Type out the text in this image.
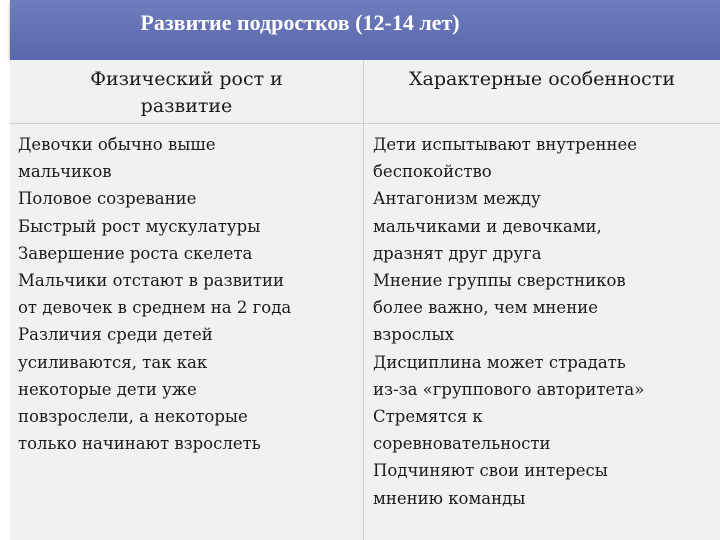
Развитие подростков (12-14 лет)
Физический рост и
развитие
Характерные особенности
Девочки обычно выше
мальчиков
Половое созревание
Быстрый рост мускулатуры
Завершение роста скелета
Мальчики отстают в развитии
от девочек в среднем на 2 года
Различия среди детей
усиливаются, так как
некоторые дети уже
повзрослели, а некоторые
только начинают взрослеть
Дети испытывают внутреннее
беспокойство
Антагонизм между
мальчиками и девочками,
дразнят друг друга
Мнение группы сверстников
более важно, чем мнение
взрослых
Дисциплина может страдать
из-за «группового авторитета»
Стремятся к
соревновательности
Подчиняют свои интересы
мнению команды
